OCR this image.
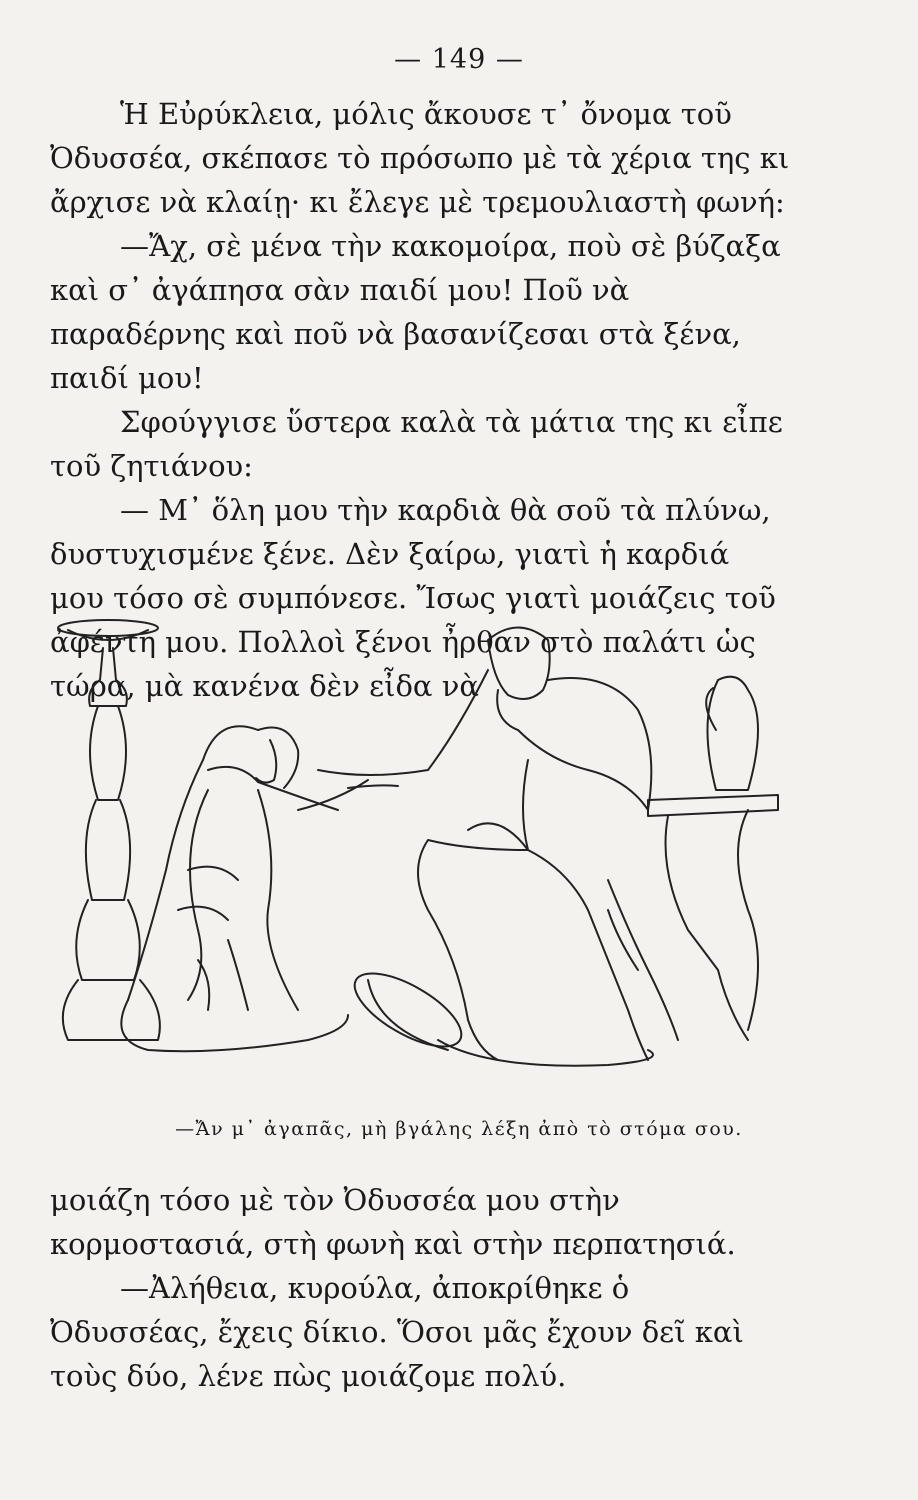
— 149 —

Ἡ Εὐρύκλεια, μόλις ἄκουσε τ᾽ ὄνομα τοῦ Ὀδυσσέα, σκέπασε τὸ πρόσωπο μὲ τὰ χέρια της κι ἄρχισε νὰ κλαίῃ· κι ἔλεγε μὲ τρεμουλιαστὴ φωνή:

—Ἄχ, σὲ μένα τὴν κακομοίρα, ποὺ σὲ βύζαξα καὶ σ᾽ ἀγάπησα σὰν παιδί μου! Ποῦ νὰ παραδέρνης καὶ ποῦ νὰ βασανίζεσαι στὰ ξένα, παιδί μου!

Σφούγγισε ὕστερα καλὰ τὰ μάτια της κι εἶπε τοῦ ζητιάνου:

— Μ᾽ ὅλη μου τὴν καρδιὰ θὰ σοῦ τὰ πλύνω, δυστυχισμένε ξένε. Δὲν ξαίρω, γιατὶ ἡ καρδιά μου τόσο σὲ συμπόνεσε. Ἴσως γιατὶ μοιάζεις τοῦ ἀφέντη μου. Πολλοὶ ξένοι ἦρθαν στὸ παλάτι ὡς τώρα, μὰ κανένα δὲν εἶδα νὰ

—Ἄν μ᾽ ἀγαπᾶς, μὴ βγάλης λέξη ἀπὸ τὸ στόμα σου.

μοιάζη τόσο μὲ τὸν Ὀδυσσέα μου στὴν κορμοστασιά, στὴ φωνὴ καὶ στὴν περπατησιά.

—Ἀλήθεια, κυρούλα, ἀποκρίθηκε ὁ Ὀδυσσέας, ἔχεις δίκιο. Ὅσοι μᾶς ἔχουν δεῖ καὶ τοὺς δύο, λένε πὼς μοιάζομε πολύ.
